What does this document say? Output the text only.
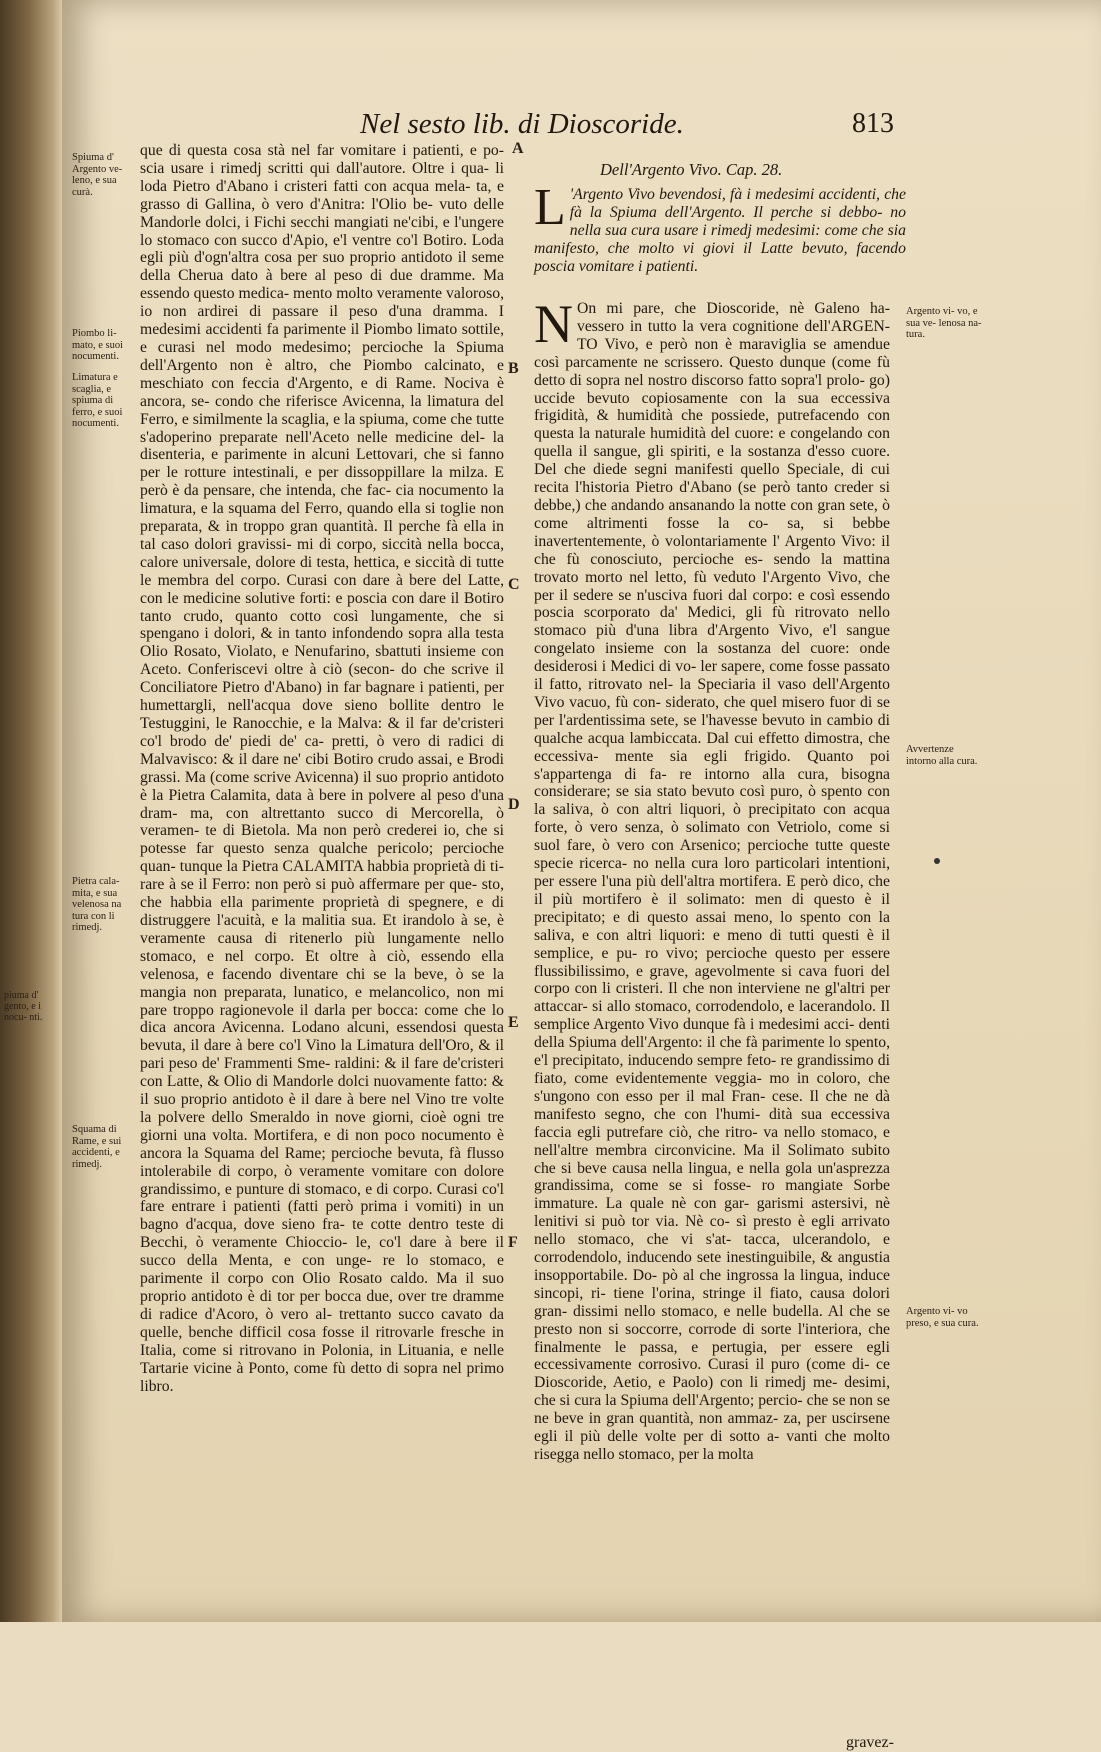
piuma d' gento, e i nocu- nti.
Nel sesto lib. di Dioscoride.	813
A
B
C
D
E
F
Spiuma d' Argento ve- leno, e sua curà.
Piombo li- mato, e suoi nocumenti.
Limatura e scaglia, e spiuma di ferro, e suoi nocumenti.
Pietra cala- mita, e sua velenosa na tura con li rimedj.
Squama di Rame, e sui accidenti, e rimedj.

que di questa cosa stà nel far vomitare i patienti, e po- scia usare i rimedj scritti qui dall'autore. Oltre i qua- li loda Pietro d'Abano i cristeri fatti con acqua mela- ta, e grasso di Gallina, ò vero d'Anitra: l'Olio be- vuto delle Mandorle dolci, i Fichi secchi mangiati ne'cibi, e l'ungere lo stomaco con succo d'Apio, e'l ventre co'l Botiro. Loda egli più d'ogn'altra cosa per suo proprio antidoto il seme della Cherua dato à bere al peso di due dramme. Ma essendo questo medica- mento molto veramente valoroso, io non ardirei di passare il peso d'una dramma. I medesimi accidenti fa parimente il Piombo limato sottile, e curasi nel modo medesimo; percioche la Spiuma dell'Argento non è altro, che Piombo calcinato, e meschiato con feccia d'Argento, e di Rame. Nociva è ancora, se- condo che riferisce Avicenna, la limatura del Ferro, e similmente la scaglia, e la spiuma, come che tutte s'adoperino preparate nell'Aceto nelle medicine del- la disenteria, e parimente in alcuni Lettovari, che si fanno per le rotture intestinali, e per dissoppillare la milza. E però è da pensare, che intenda, che fac- cia nocumento la limatura, e la squama del Ferro, quando ella si toglie non preparata, & in troppo gran quantità. Il perche fà ella in tal caso dolori gravissi- mi di corpo, siccità nella bocca, calore universale, dolore di testa, hettica, e siccità di tutte le membra del corpo. Curasi con dare à bere del Latte, con le medicine solutive forti: e poscia con dare il Botiro tanto crudo, quanto cotto così lungamente, che si spengano i dolori, & in tanto infondendo sopra alla testa Olio Rosato, Violato, e Nenufarino, sbattuti insieme con Aceto. Conferiscevi oltre à ciò (secon- do che scrive il Conciliatore Pietro d'Abano) in far bagnare i patienti, per humettargli, nell'acqua dove sieno bollite dentro le Testuggini, le Ranocchie, e la Malva: & il far de'cristeri co'l brodo de' piedi de' ca- pretti, ò vero di radici di Malvavisco: & il dare ne' cibi Botiro crudo assai, e Brodi grassi. Ma (come scrive Avicenna) il suo proprio antidoto è la Pietra Calamita, data à bere in polvere al peso d'una dram- ma, con altrettanto succo di Mercorella, ò veramen- te di Bietola. Ma non però crederei io, che si potesse far questo senza qualche pericolo; percioche quan- tunque la Pietra CALAMITA habbia proprietà di ti- rare à se il Ferro: non però si può affermare per que- sto, che habbia ella parimente proprietà di spegnere, e di distruggere l'acuità, e la malitia sua. Et irandolo à se, è veramente causa di ritenerlo più lungamente nello stomaco, e nel corpo. Et oltre à ciò, essendo ella velenosa, e facendo diventare chi se la beve, ò se la mangia non preparata, lunatico, e melancolico, non mi pare troppo ragionevole il darla per bocca: come che lo dica ancora Avicenna. Lodano alcuni, essendosi questa bevuta, il dare à bere co'l Vino la Limatura dell'Oro, & il pari peso de' Frammenti Sme- raldini: & il fare de'cristeri con Latte, & Olio di Mandorle dolci nuovamente fatto: & il suo proprio antidoto è il dare à bere nel Vino tre volte la polvere dello Smeraldo in nove giorni, cioè ogni tre giorni una volta. Mortifera, e di non poco nocumento è ancora la Squama del Rame; percioche bevuta, fà flusso intolerabile di corpo, ò veramente vomitare con dolore grandissimo, e punture di stomaco, e di corpo. Curasi co'l fare entrare i patienti (fatti però prima i vomiti) in un bagno d'acqua, dove sieno fra- te cotte dentro teste di Becchi, ò veramente Chioccio- le, co'l dare à bere il succo della Menta, e con unge- re lo stomaco, e parimente il corpo con Olio Rosato caldo. Ma il suo proprio antidoto è di tor per bocca due, over tre dramme di radice d'Acoro, ò vero al- trettanto succo cavato da quelle, benche difficil cosa fosse il ritrovarle fresche in Italia, come si ritrovano in Polonia, in Lituania, e nelle Tartarie vicine à Ponto, come fù detto di sopra nel primo libro.

Dell'Argento Vivo. Cap. 28.
L 'Argento Vivo bevendosi, fà i medesimi accidenti, che fà la Spiuma dell'Argento. Il perche si debbo- no nella sua cura usare i rimedj medesimi: come che sia manifesto, che molto vi giovi il Latte bevuto, facendo poscia vomitare i patienti.

N On mi pare, che Dioscoride, nè Galeno ha- vessero in tutto la vera cognitione dell'ARGEN- TO Vivo, e però non è maraviglia se amendue così parcamente ne scrissero. Questo dunque (come fù detto di sopra nel nostro discorso fatto sopra'l prolo- go) uccide bevuto copiosamente con la sua eccessiva frigidità, & humidità che possiede, putrefacendo con questa la naturale humidità del cuore: e congelando con quella il sangue, gli spiriti, e la sostanza d'esso cuore. Del che diede segni manifesti quello Speciale, di cui recita l'historia Pietro d'Abano (se però tanto creder si debbe,) che andando ansanando la notte con gran sete, ò come altrimenti fosse la co- sa, si bebbe inavertentemente, ò volontariamente l' Argento Vivo: il che fù conosciuto, percioche es- sendo la mattina trovato morto nel letto, fù veduto l'Argento Vivo, che per il sedere se n'usciva fuori dal corpo: e così essendo poscia scorporato da' Medici, gli fù ritrovato nello stomaco più d'una libra d'Argento Vivo, e'l sangue congelato insieme con la sostanza del cuore: onde desiderosi i Medici di vo- ler sapere, come fosse passato il fatto, ritrovato nel- la Speciaria il vaso dell'Argento Vivo vacuo, fù con- siderato, che quel misero fuor di se per l'ardentissima sete, se l'havesse bevuto in cambio di qualche acqua lambiccata. Dal cui effetto dimostra, che eccessiva- mente sia egli frigido. Quanto poi s'appartenga di fa- re intorno alla cura, bisogna considerare; se sia stato bevuto così puro, ò spento con la saliva, ò con altri liquori, ò precipitato con acqua forte, ò vero senza, ò solimato con Vetriolo, come si suol fare, ò vero con Arsenico; percioche tutte queste specie ricerca- no nella cura loro particolari intentioni, per essere l'una più dell'altra mortifera. E però dico, che il più mortifero è il solimato: men di questo è il precipitato; e di questo assai meno, lo spento con la saliva, e con altri liquori: e meno di tutti questi è il semplice, e pu- ro vivo; percioche questo per essere flussibilissimo, e grave, agevolmente si cava fuori del corpo con li cristeri. Il che non interviene ne gl'altri per attaccar- si allo stomaco, corrodendolo, e lacerandolo. Il semplice Argento Vivo dunque fà i medesimi acci- denti della Spiuma dell'Argento: il che fà parimente lo spento, e'l precipitato, inducendo sempre feto- re grandissimo di fiato, come evidentemente veggia- mo in coloro, che s'ungono con esso per il mal Fran- cese. Il che ne dà manifesto segno, che con l'humi- dità sua eccessiva faccia egli putrefare ciò, che ritro- va nello stomaco, e nell'altre membra circonvicine. Ma il Solimato subito che si beve causa nella lingua, e nella gola un'asprezza grandissima, come se si fosse- ro mangiate Sorbe immature. La quale nè con gar- garismi astersivi, nè lenitivi si può tor via. Nè co- sì presto è egli arrivato nello stomaco, che vi s'at- tacca, ulcerandolo, e corrodendolo, inducendo sete inestinguibile, & angustia insopportabile. Do- pò al che ingrossa la lingua, induce sincopi, ri- tiene l'orina, stringe il fiato, causa dolori gran- dissimi nello stomaco, e nelle budella. Al che se presto non si soccorre, corrode di sorte l'interiora, che finalmente le passa, e pertugia, per essere egli eccessivamente corrosivo. Curasi il puro (come di- ce Dioscoride, Aetio, e Paolo) con li rimedj me- desimi, che si cura la Spiuma dell'Argento; percio- che se non se ne beve in gran quantità, non ammaz- za, per uscirsene egli il più delle volte per di sotto a- vanti che molto risegga nello stomaco, per la molta

Argento vi- vo, e sua ve- lenosa na- tura.
Avvertenze intorno alla cura.
Argento vi- vo preso, e sua cura.
gravez-
